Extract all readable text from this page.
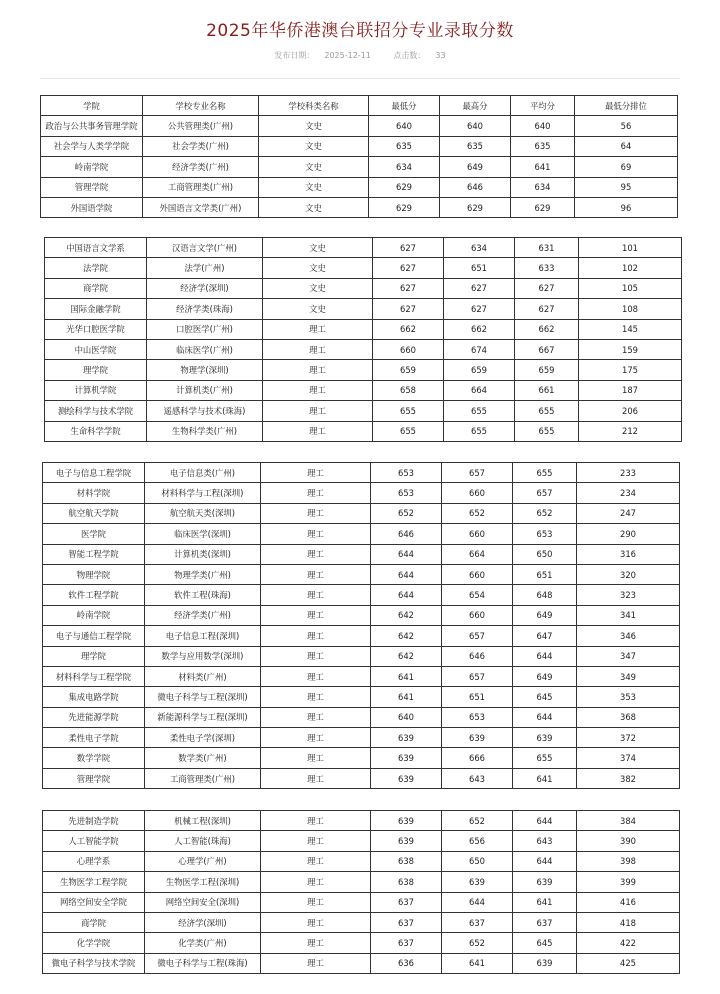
2025年华侨港澳台联招分专业录取分数
发布日期： 2025-12-11	点击数： 33
学院	学校专业名称	学校科类名称	最低分	最高分	平均分	最低分排位
政治与公共事务管理学院	公共管理类(广州)	文史	640	640	640	56
社会学与人类学学院	社会学类(广州)	文史	635	635	635	64
岭南学院	经济学类(广州)	文史	634	649	641	69
管理学院	工商管理类(广州)	文史	629	646	634	95
外国语学院	外国语言文学类(广州)	文史	629	629	629	96
中国语言文学系	汉语言文学(广州)	文史	627	634	631	101
法学院	法学(广州)	文史	627	651	633	102
商学院	经济学(深圳)	文史	627	627	627	105
国际金融学院	经济学类(珠海)	文史	627	627	627	108
光华口腔医学院	口腔医学(广州)	理工	662	662	662	145
中山医学院	临床医学(广州)	理工	660	674	667	159
理学院	物理学(深圳)	理工	659	659	659	175
计算机学院	计算机类(广州)	理工	658	664	661	187
测绘科学与技术学院	遥感科学与技术(珠海)	理工	655	655	655	206
生命科学学院	生物科学类(广州)	理工	655	655	655	212
电子与信息工程学院	电子信息类(广州)	理工	653	657	655	233
材料学院	材料科学与工程(深圳)	理工	653	660	657	234
航空航天学院	航空航天类(深圳)	理工	652	652	652	247
医学院	临床医学(深圳)	理工	646	660	653	290
智能工程学院	计算机类(深圳)	理工	644	664	650	316
物理学院	物理学类(广州)	理工	644	660	651	320
软件工程学院	软件工程(珠海)	理工	644	654	648	323
岭南学院	经济学类(广州)	理工	642	660	649	341
电子与通信工程学院	电子信息工程(深圳)	理工	642	657	647	346
理学院	数学与应用数学(深圳)	理工	642	646	644	347
材料科学与工程学院	材料类(广州)	理工	641	657	649	349
集成电路学院	微电子科学与工程(深圳)	理工	641	651	645	353
先进能源学院	新能源科学与工程(深圳)	理工	640	653	644	368
柔性电子学院	柔性电子学(深圳)	理工	639	639	639	372
数学学院	数学类(广州)	理工	639	666	655	374
管理学院	工商管理类(广州)	理工	639	643	641	382
先进制造学院	机械工程(深圳)	理工	639	652	644	384
人工智能学院	人工智能(珠海)	理工	639	656	643	390
心理学系	心理学(广州)	理工	638	650	644	398
生物医学工程学院	生物医学工程(深圳)	理工	638	639	639	399
网络空间安全学院	网络空间安全(深圳)	理工	637	644	641	416
商学院	经济学(深圳)	理工	637	637	637	418
化学学院	化学类(广州)	理工	637	652	645	422
微电子科学与技术学院	微电子科学与工程(珠海)	理工	636	641	639	425
